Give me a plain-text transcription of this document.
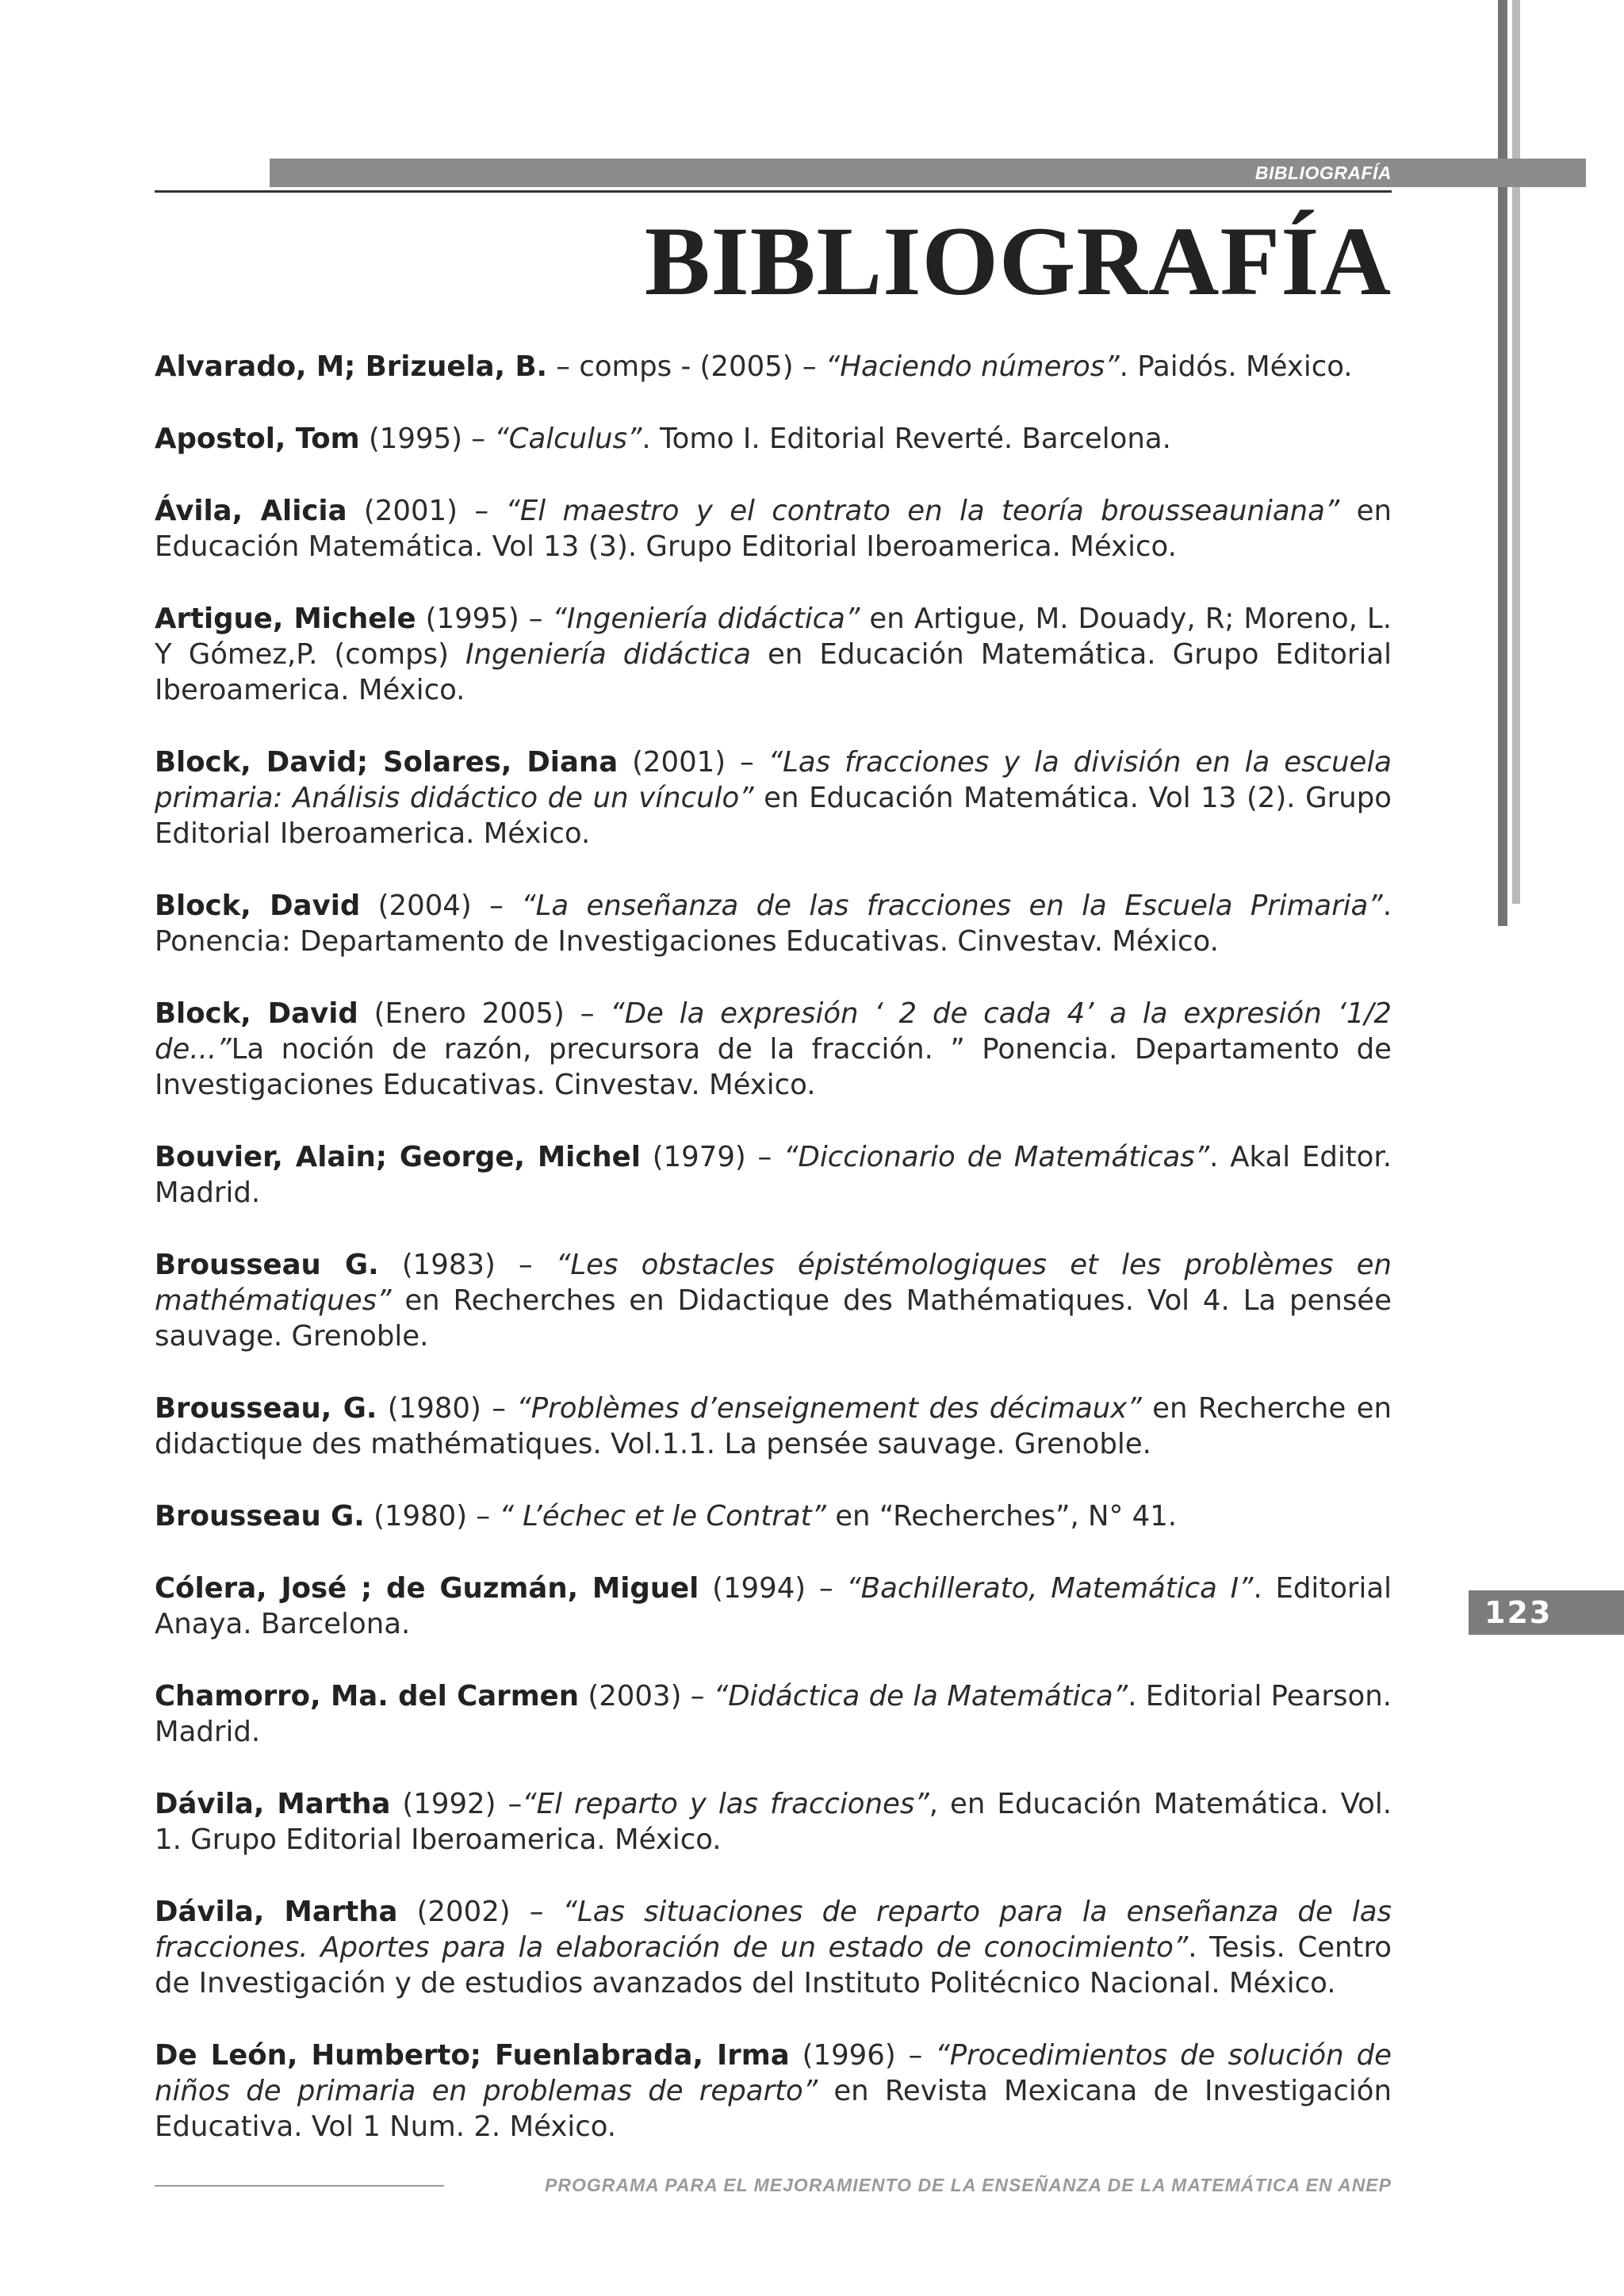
BIBLIOGRAFÍA
BIBLIOGRAFÍA

Alvarado, M; Brizuela, B. – comps - (2005) – “Haciendo números”. Paidós. México.

Apostol, Tom (1995) – “Calculus”. Tomo I. Editorial Reverté. Barcelona.

Ávila, Alicia (2001) – “El maestro y el contrato en la teoría brousseauniana” en Educación Matemática. Vol 13 (3). Grupo Editorial Iberoamerica. México.

Artigue, Michele (1995) – “Ingeniería didáctica” en Artigue, M. Douady, R; Moreno, L. Y Gómez,P. (comps) Ingeniería didáctica en Educación Matemática. Grupo Editorial Iberoamerica. México.

Block, David; Solares, Diana (2001) – “Las fracciones y la división en la escuela primaria: Análisis didáctico de un vínculo” en Educación Matemática. Vol 13 (2). Grupo Editorial Iberoamerica. México.

Block, David (2004) – “La enseñanza de las fracciones en la Escuela Primaria”. Ponencia: Departamento de Investigaciones Educativas. Cinvestav. México.

Block, David (Enero 2005) – “De la expresión ‘ 2 de cada 4’ a la expresión ‘1/2 de...”La noción de razón, precursora de la fracción. ” Ponencia. Departamento de Investigaciones Educativas. Cinvestav. México.

Bouvier, Alain; George, Michel (1979) – “Diccionario de Matemáticas”. Akal Editor. Madrid.

Brousseau G. (1983) – “Les obstacles épistémologiques et les problèmes en mathématiques” en Recherches en Didactique des Mathématiques. Vol 4. La pensée sauvage. Grenoble.

Brousseau, G. (1980) – “Problèmes d’enseignement des décimaux” en Recherche en didactique des mathématiques. Vol.1.1. La pensée sauvage. Grenoble.

Brousseau G. (1980) – “ L’échec et le Contrat” en “Recherches”, N° 41.

Cólera, José ; de Guzmán, Miguel (1994) – “Bachillerato, Matemática I”. Editorial Anaya. Barcelona.

Chamorro, Ma. del Carmen (2003) – “Didáctica de la Matemática”. Editorial Pearson. Madrid.

Dávila, Martha (1992) –“El reparto y las fracciones”, en Educación Matemática. Vol. 1. Grupo Editorial Iberoamerica. México.

Dávila, Martha (2002) – “Las situaciones de reparto para la enseñanza de las fracciones. Aportes para la elaboración de un estado de conocimiento”. Tesis. Centro de Investigación y de estudios avanzados del Instituto Politécnico Nacional. México.

De León, Humberto; Fuenlabrada, Irma (1996) – “Procedimientos de solución de niños de primaria en problemas de reparto” en Revista Mexicana de Investigación Educativa. Vol 1 Num. 2. México.

123
PROGRAMA PARA EL MEJORAMIENTO DE LA ENSEÑANZA DE LA MATEMÁTICA EN ANEP
